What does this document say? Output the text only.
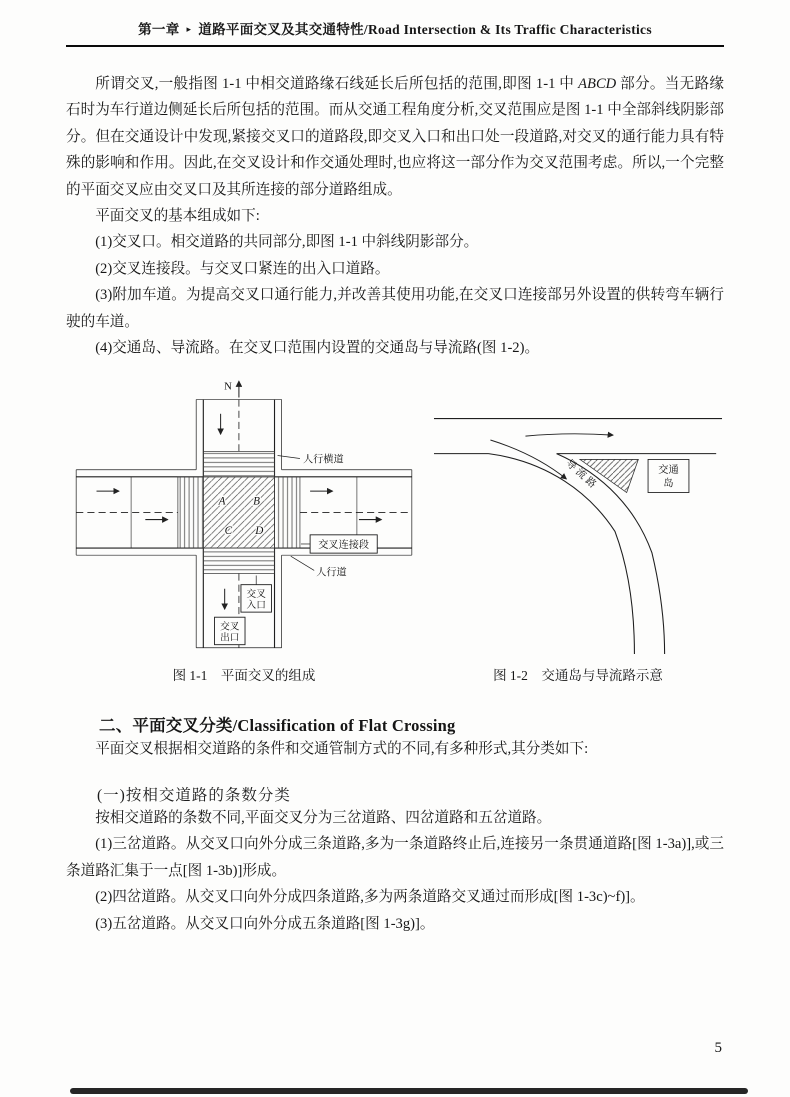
第一章 ▸ 道路平面交叉及其交通特性/Road Intersection & Its Traffic Characteristics

所谓交叉,一般指图 1-1 中相交道路缘石线延长后所包括的范围,即图 1-1 中 ABCD 部分。当无路缘石时为车行道边侧延长后所包括的范围。而从交通工程角度分析,交叉范围应是图 1-1 中全部斜线阴影部分。但在交通设计中发现,紧接交叉口的道路段,即交叉入口和出口处一段道路,对交叉的通行能力具有特殊的影响和作用。因此,在交叉设计和作交通处理时,也应将这一部分作为交叉范围考虑。所以,一个完整的平面交叉应由交叉口及其所连接的部分道路组成。

平面交叉的基本组成如下:

(1)交叉口。相交道路的共同部分,即图 1-1 中斜线阴影部分。

(2)交叉连接段。与交叉口紧连的出入口道路。

(3)附加车道。为提高交叉口通行能力,并改善其使用功能,在交叉口连接部另外设置的供转弯车辆行驶的车道。

(4)交通岛、导流路。在交叉口范围内设置的交通岛与导流路(图 1-2)。

A	B
C D
N
人行横道
交叉连接段
人行道
交叉
入口
交叉
出口
图 1-1　平面交叉的组成
导流路	交通
岛
图 1-2　交通岛与导流路示意
二、平面交叉分类/Classification of Flat Crossing

平面交叉根据相交道路的条件和交通管制方式的不同,有多种形式,其分类如下:

(一)按相交道路的条数分类

按相交道路的条数不同,平面交叉分为三岔道路、四岔道路和五岔道路。

(1)三岔道路。从交叉口向外分成三条道路,多为一条道路终止后,连接另一条贯通道路[图 1-3a)],或三条道路汇集于一点[图 1-3b)]形成。

(2)四岔道路。从交叉口向外分成四条道路,多为两条道路交叉通过而形成[图 1-3c)~f)]。

(3)五岔道路。从交叉口向外分成五条道路[图 1-3g)]。

5
